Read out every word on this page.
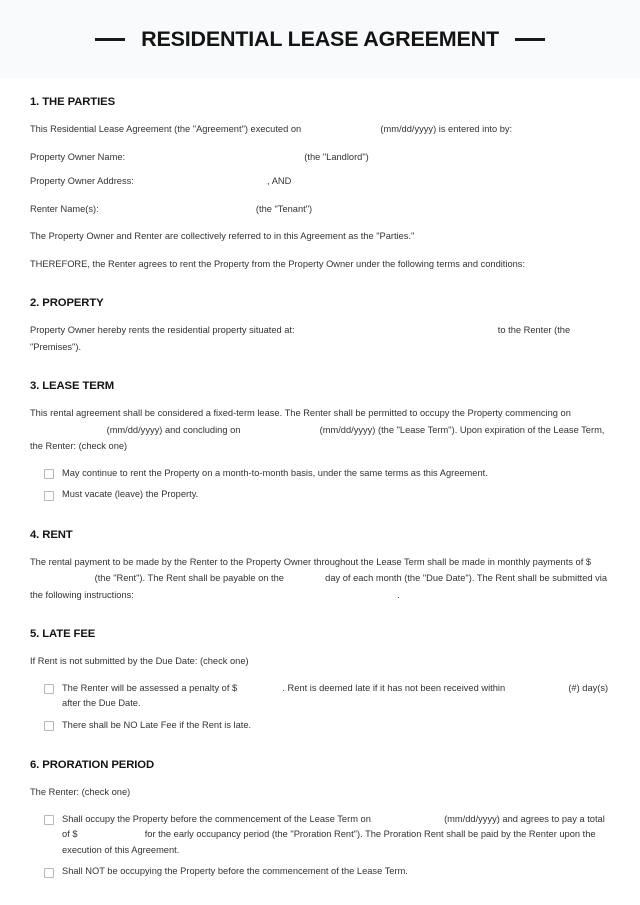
RESIDENTIAL LEASE AGREEMENT
1. THE PARTIES

This Residential Lease Agreement (the "Agreement") executed on	(mm/dd/yyyy) is entered into by:

Property Owner Name:	(the "Landlord")

Property Owner Address:	, AND

Renter Name(s):	(the "Tenant")

The Property Owner and Renter are collectively referred to in this Agreement as the "Parties."

THEREFORE, the Renter agrees to rent the Property from the Property Owner under the following terms and conditions:

2. PROPERTY

Property Owner hereby rents the residential property situated at:	to the Renter (the "Premises").

3. LEASE TERM

This rental agreement shall be considered a fixed-term lease. The Renter shall be permitted to occupy the Property commencing on  (mm/dd/yyyy) and concluding on	(mm/dd/yyyy) (the "Lease Term"). Upon expiration of the Lease Term, the Renter: (check one)

May continue to rent the Property on a month-to-month basis, under the same terms as this Agreement.
Must vacate (leave) the Property.
4. RENT

The rental payment to be made by the Renter to the Property Owner throughout the Lease Term shall be made in monthly payments of $  (the "Rent"). The Rent shall be payable on the	day of each month (the "Due Date"). The Rent shall be submitted via the following instructions:	.

5. LATE FEE

If Rent is not submitted by the Due Date: (check one)

The Renter will be assessed a penalty of $	. Rent is deemed late if it has not been received within	(#) day(s) after the Due Date.
There shall be NO Late Fee if the Rent is late.
6. PRORATION PERIOD

The Renter: (check one)

Shall occupy the Property before the commencement of the Lease Term on	(mm/dd/yyyy) and agrees to pay a total of $	for the early occupancy period (the "Proration Rent"). The Proration Rent shall be paid by the Renter upon the execution of this Agreement.
Shall NOT be occupying the Property before the commencement of the Lease Term.
